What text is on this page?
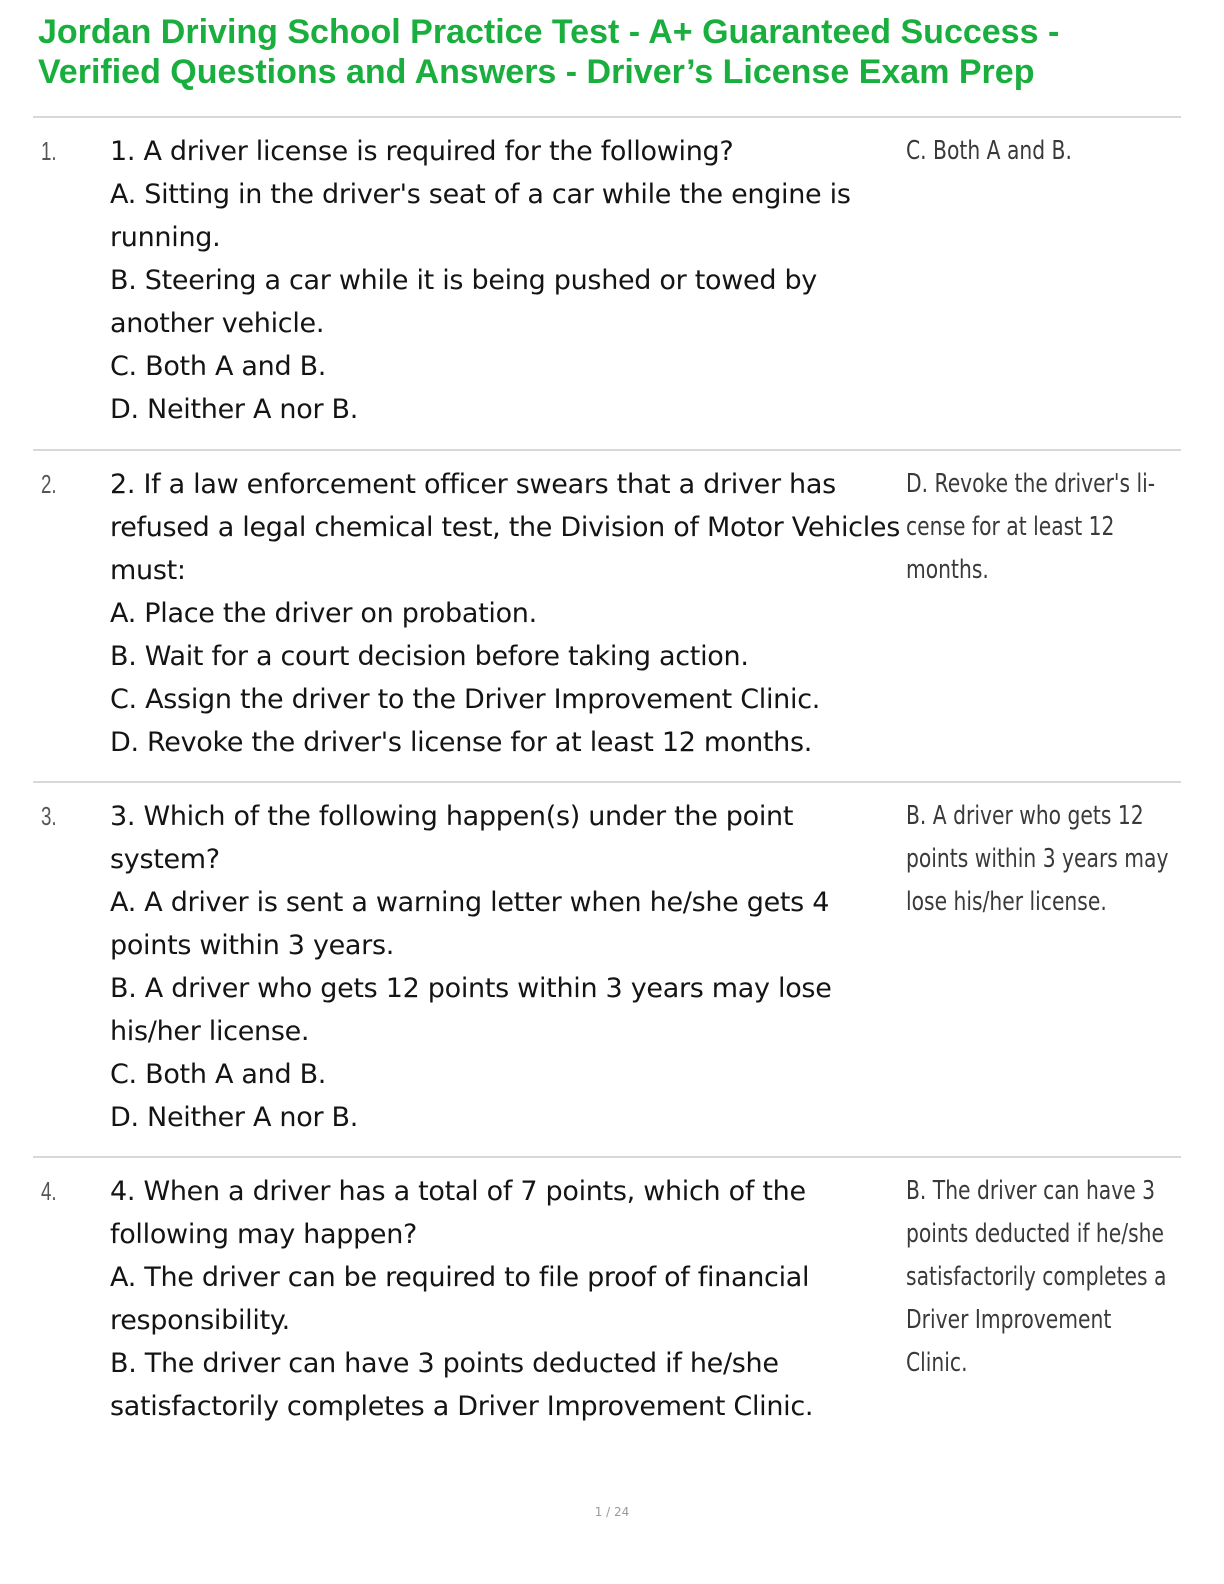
Jordan Driving School Practice Test - A+ Guaranteed Success - Verified Questions and Answers - Driver’s License Exam Prep
1. 1. A driver license is required for the following?
A. Sitting in the driver's seat of a car while the engine is running.
B. Steering a car while it is being pushed or towed by another vehicle.
C. Both A and B.
D. Neither A nor B.
C. Both A and B.
2. 2. If a law enforcement officer swears that a driver has refused a legal chemical test, the Division of Motor Vehicles must:
A. Place the driver on probation.
B. Wait for a court decision before taking action.
C. Assign the driver to the Driver Improvement Clinic.
D. Revoke the driver's license for at least 12 months.
D. Revoke the driver's li- cense for at least 12 months.
3. 3. Which of the following happen(s) under the point system?
A. A driver is sent a warning letter when he/she gets 4 points within 3 years.
B. A driver who gets 12 points within 3 years may lose his/her license.
C. Both A and B.
D. Neither A nor B.
B. A driver who gets 12 points within 3 years may lose his/her license.
4. 4. When a driver has a total of 7 points, which of the following may happen?
A. The driver can be required to file proof of financial responsibility.
B. The driver can have 3 points deducted if he/she satisfactorily completes a Driver Improvement Clinic.
B. The driver can have 3 points deducted if he/she satisfactorily completes a Driver Improvement Clinic.
1 / 24
